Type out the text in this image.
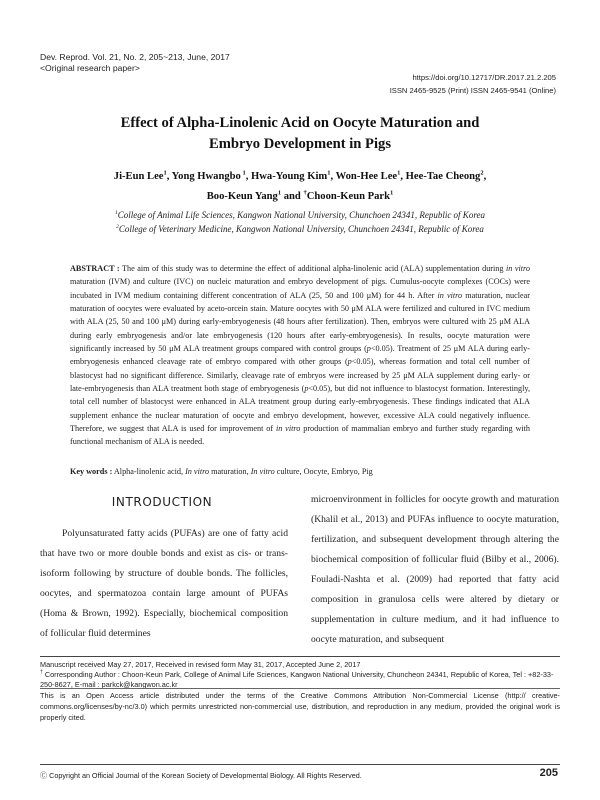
Dev. Reprod. Vol. 21, No. 2, 205~213, June, 2017
<Original research paper>
https://doi.org/10.12717/DR.2017.21.2.205
ISSN 2465-9525 (Print) ISSN 2465-9541 (Online)
Effect of Alpha-Linolenic Acid on Oocyte Maturation and
Embryo Development in Pigs
Ji-Eun Lee$^1$, Yong Hwangbo $^1$, Hwa-Young Kim$^1$, Won-Hee Lee$^1$, Hee-Tae Cheong$^2$,
Boo-Keun Yang$^1$ and †Choon-Keun Park$^1$
$^1$College of Animal Life Sciences, Kangwon National University, Chunchoen 24341, Republic of Korea
$^2$College of Veterinary Medicine, Kangwon National University, Chunchoen 24341, Republic of Korea
ABSTRACT : The aim of this study was to determine the effect of additional alpha-linolenic acid (ALA) supplementation during in vitro maturation (IVM) and culture (IVC) on nucleic maturation and embryo development of pigs. Cumulus-oocyte complexes (COCs) were incubated in IVM medium containing different concentration of ALA (25, 50 and 100 μM) for 44 h. After in vitro maturation, nuclear maturation of oocytes were evaluated by aceto-orcein stain. Mature oocytes with 50 μM ALA were fertilized and cultured in IVC medium with ALA (25, 50 and 100 μM) during early-embryogenesis (48 hours after fertilization). Then, embryos were cultured with 25 μM ALA during early embryogenesis and/or late embryogenesis (120 hours after early-embryogenesis). In results, oocyte maturation were significantly increased by 50 μM ALA treatment groups compared with control groups (p<0.05). Treatment of 25 μM ALA during early-embryogenesis enhanced cleavage rate of embryo compared with other groups (p<0.05), whereas formation and total cell number of blastocyst had no significant difference. Similarly, cleavage rate of embryos were increased by 25 μM ALA supplement during early- or late-embryogenesis than ALA treatment both stage of embryogenesis (p<0.05), but did not influence to blastocyst formation. Interestingly, total cell number of blastocyst were enhanced in ALA treatment group during early-embryogenesis. These findings indicated that ALA supplement enhance the nuclear maturation of oocyte and embryo development, however, excessive ALA could negatively influence. Therefore, we suggest that ALA is used for improvement of in vitro production of mammalian embryo and further study regarding with functional mechanism of ALA is needed.
Key words : Alpha-linolenic acid, In vitro maturation, In vitro culture, Oocyte, Embryo, Pig
INTRODUCTION
Polyunsaturated fatty acids (PUFAs) are one of fatty acid that have two or more double bonds and exist as cis- or trans-isoform following by structure of double bonds. The follicles, oocytes, and spermatozoa contain large amount of PUFAs (Homa & Brown, 1992). Especially, biochemical composition of follicular fluid determines
microenvironment in follicles for oocyte growth and maturation (Khalil et al., 2013) and PUFAs influence to oocyte maturation, fertilization, and subsequent development through altering the biochemical composition of follicular fluid (Bilby et al., 2006). Fouladi-Nashta et al. (2009) had reported that fatty acid composition in granulosa cells were altered by dietary or supplementation in culture medium, and it had influence to oocyte maturation, and subsequent
Manuscript received May 27, 2017, Received in revised form May 31, 2017, Accepted June 2, 2017
† Corresponding Author : Choon-Keun Park, College of Animal Life Sciences, Kangwon National University, Chuncheon 24341, Republic of Korea, Tel : +82-33-250-8627, E-mail : parkck@kangwon.ac.kr
This is an Open Access article distributed under the terms of the Creative Commons Attribution Non-Commercial License (http:// creative-commons.org/licenses/by-nc/3.0) which permits unrestricted non-commercial use, distribution, and reproduction in any medium, provided the original work is properly cited.
Ⓒ Copyright an Official Journal of the Korean Society of Developmental Biology. All Rights Reserved.	205
